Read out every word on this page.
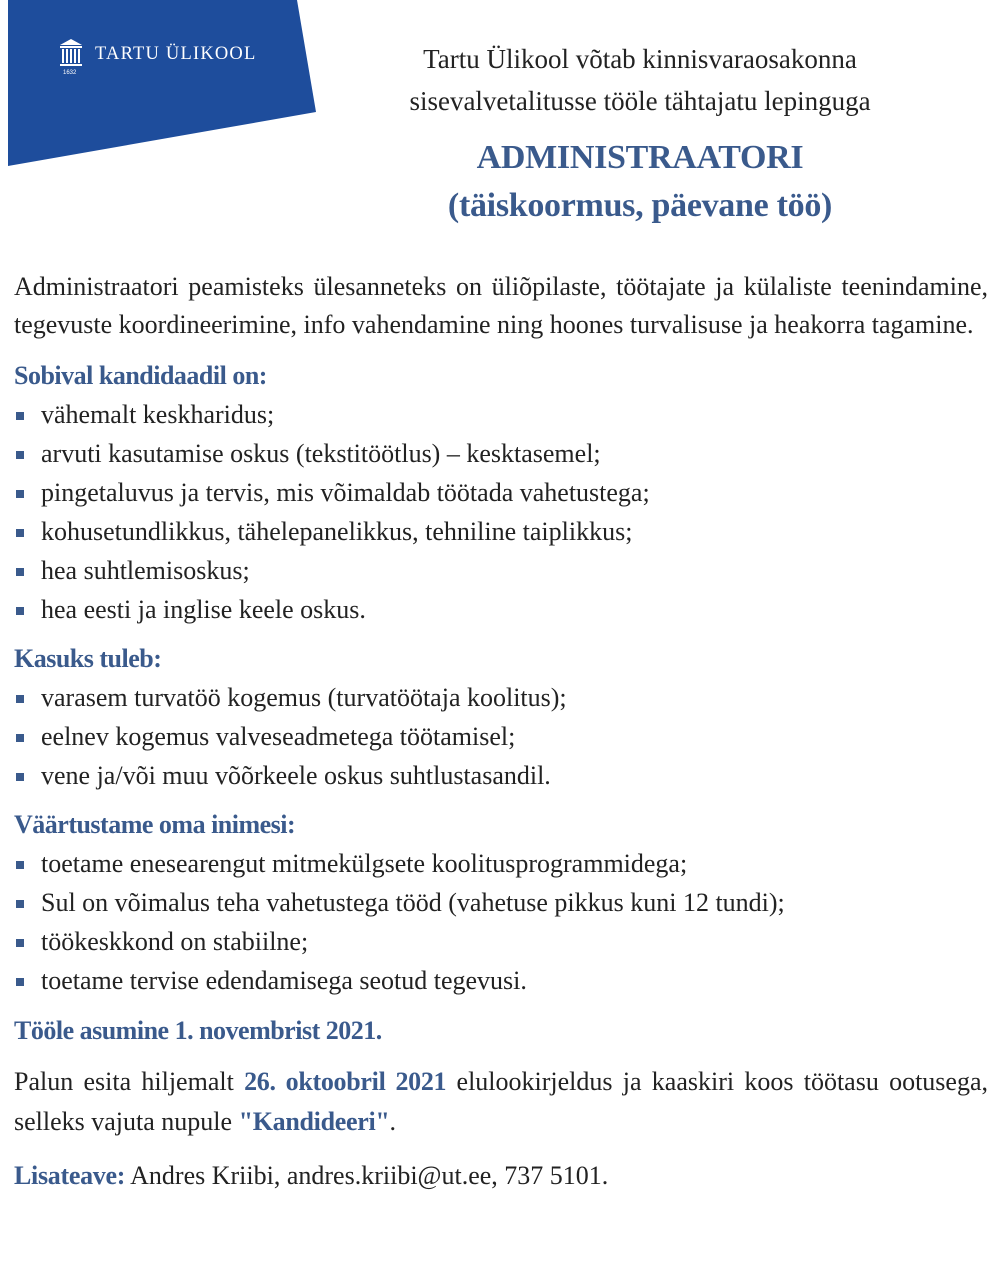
1632
TARTU ÜLIKOOL	Tartu Ülikool võtab kinnisvaraosakonna
sisevalvetalitusse tööle tähtajatu lepinguga
ADMINISTRAATORI
(täiskoormus, päevane töö)

Administraatori peamisteks ülesanneteks on üliõpilaste, töötajate ja külaliste teenindamine, tegevuste koordineerimine, info vahendamine ning hoones turvalisuse ja heakorra tagamine.

Sobival kandidaadil on:
vähemalt keskharidus;
arvuti kasutamise oskus (tekstitöötlus) – kesktasemel;
pingetaluvus ja tervis, mis võimaldab töötada vahetustega;
kohusetundlikkus, tähelepanelikkus, tehniline taiplikkus;
hea suhtlemisoskus;
hea eesti ja inglise keele oskus.
Kasuks tuleb:
varasem turvatöö kogemus (turvatöötaja koolitus);
eelnev kogemus valveseadmetega töötamisel;
vene ja/või muu võõrkeele oskus suhtlustasandil.
Väärtustame oma inimesi:
toetame enesearengut mitmekülgsete koolitusprogrammidega;
Sul on võimalus teha vahetustega tööd (vahetuse pikkus kuni 12 tundi);
töökeskkond on stabiilne;
toetame tervise edendamisega seotud tegevusi.
Tööle asumine 1. novembrist 2021.

Palun esita hiljemalt 26. oktoobril 2021 elulookirjeldus ja kaaskiri koos töötasu ootusega, selleks vajuta nupule "Kandideeri".

Lisateave: Andres Kriibi, andres.kriibi@ut.ee, 737 5101.
